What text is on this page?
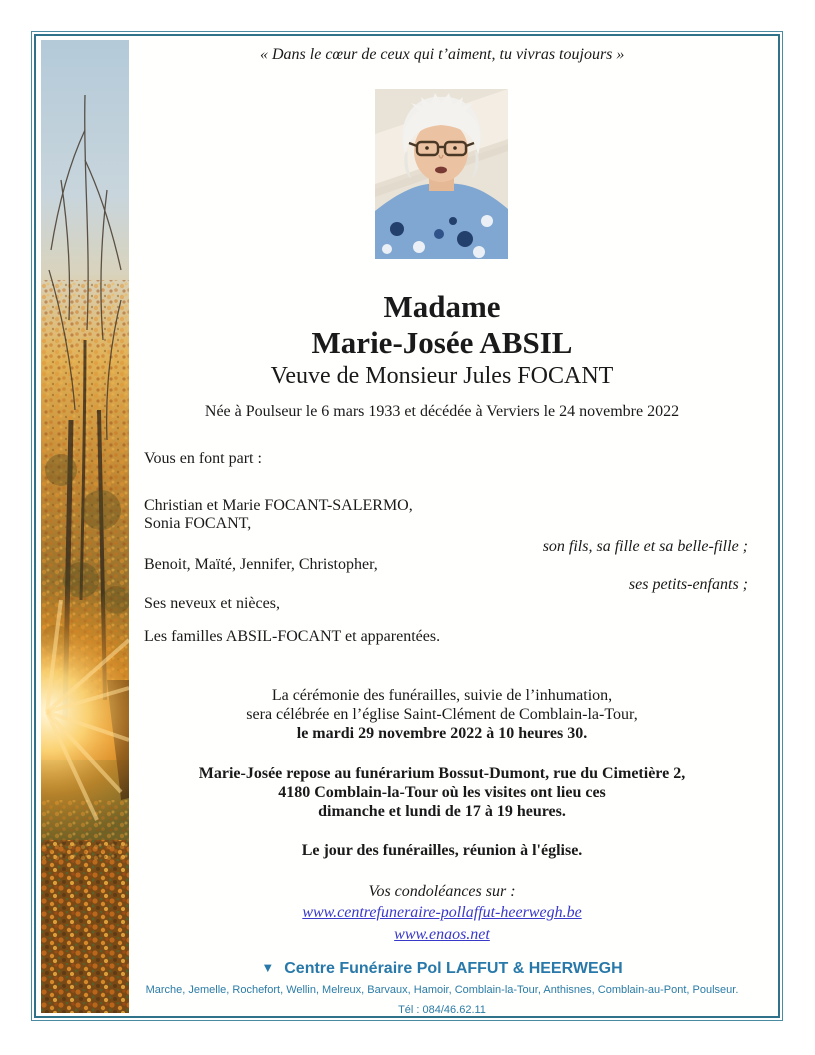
« Dans le cœur de ceux qui t’aiment, tu vivras toujours »
Madame
Marie-Josée ABSIL
Veuve de Monsieur Jules FOCANT
Née à Poulseur le 6 mars 1933 et décédée à Verviers le 24 novembre 2022
Vous en font part :
Christian et Marie FOCANT-SALERMO,
Sonia FOCANT,
son fils, sa fille et sa belle-fille ;
Benoit, Maïté, Jennifer, Christopher,
ses petits-enfants ;
Ses neveux et nièces,
Les familles ABSIL-FOCANT et apparentées.
La cérémonie des funérailles, suivie de l’inhumation,
sera célébrée en l’église Saint-Clément de Comblain-la-Tour,
le mardi 29 novembre 2022 à 10 heures 30.
Marie-Josée repose au funérarium Bossut-Dumont, rue du Cimetière 2,
4180 Comblain-la-Tour où les visites ont lieu ces
dimanche et lundi de 17 à 19 heures.
Le jour des funérailles, réunion à l'église.
Vos condoléances sur :
www.centrefuneraire-pollaffut-heerwegh.be
www.enaos.net
▼ Centre Funéraire Pol LAFFUT & HEERWEGH
Marche, Jemelle, Rochefort, Wellin, Melreux, Barvaux, Hamoir, Comblain-la-Tour, Anthisnes, Comblain-au-Pont, Poulseur.
Tél : 084/46.62.11
